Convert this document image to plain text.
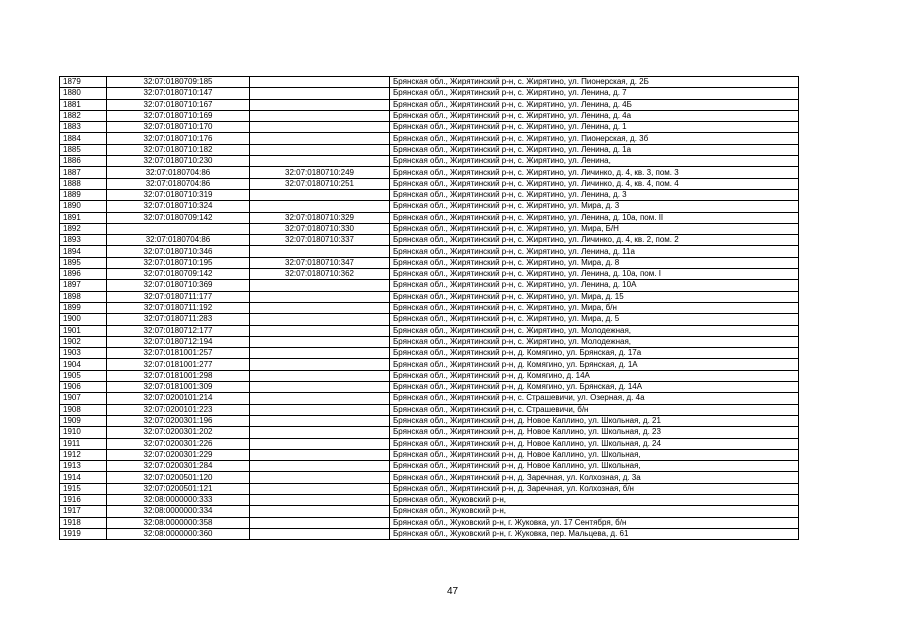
1879	32:07:0180709:185		Брянская обл., Жирятинский р-н, с. Жирятино, ул. Пионерская, д. 2Б
1880	32:07:0180710:147		Брянская обл., Жирятинский р-н, с. Жирятино, ул. Ленина, д. 7
1881	32:07:0180710:167		Брянская обл., Жирятинский р-н, с. Жирятино, ул. Ленина, д. 4Б
1882	32:07:0180710:169		Брянская обл., Жирятинский р-н, с. Жирятино, ул. Ленина, д. 4а
1883	32:07:0180710:170		Брянская обл., Жирятинский р-н, с. Жирятино, ул. Ленина, д. 1
1884	32:07:0180710:176		Брянская обл., Жирятинский р-н, с. Жирятино, ул. Пионерская, д. 3б
1885	32:07:0180710:182		Брянская обл., Жирятинский р-н, с. Жирятино, ул. Ленина, д. 1а
1886	32:07:0180710:230		Брянская обл., Жирятинский р-н, с. Жирятино, ул. Ленина,
1887	32:07:0180704:86	32:07:0180710:249	Брянская обл., Жирятинский р-н, с. Жирятино, ул. Личинко, д. 4, кв. 3, пом. 3
1888	32:07:0180704:86	32:07:0180710:251	Брянская обл., Жирятинский р-н, с. Жирятино, ул. Личинко, д. 4, кв. 4, пом. 4
1889	32:07:0180710:319		Брянская обл., Жирятинский р-н, с. Жирятино, ул. Ленина, д. 3
1890	32:07:0180710:324		Брянская обл., Жирятинский р-н, с. Жирятино, ул. Мира, д. 3
1891	32:07:0180709:142	32:07:0180710:329	Брянская обл., Жирятинский р-н, с. Жирятино, ул. Ленина, д. 10а, пом. II
1892		32:07:0180710:330	Брянская обл., Жирятинский р-н, с. Жирятино, ул. Мира, Б/Н
1893	32:07:0180704:86	32:07:0180710:337	Брянская обл., Жирятинский р-н, с. Жирятино, ул. Личинко, д. 4, кв. 2, пом. 2
1894	32:07:0180710:346		Брянская обл., Жирятинский р-н, с. Жирятино, ул. Ленина, д. 11а
1895	32:07:0180710:195	32:07:0180710:347	Брянская обл., Жирятинский р-н, с. Жирятино, ул. Мира, д. 8
1896	32:07:0180709:142	32:07:0180710:362	Брянская обл., Жирятинский р-н, с. Жирятино, ул. Ленина, д. 10а, пом. I
1897	32:07:0180710:369		Брянская обл., Жирятинский р-н, с. Жирятино, ул. Ленина, д. 10А
1898	32:07:0180711:177		Брянская обл., Жирятинский р-н, с. Жирятино, ул. Мира, д. 15
1899	32:07:0180711:192		Брянская обл., Жирятинский р-н, с. Жирятино, ул. Мира, б/н
1900	32:07:0180711:283		Брянская обл., Жирятинский р-н, с. Жирятино, ул. Мира, д. 5
1901	32:07:0180712:177		Брянская обл., Жирятинский р-н, с. Жирятино, ул. Молодежная,
1902	32:07:0180712:194		Брянская обл., Жирятинский р-н, с. Жирятино, ул. Молодежная,
1903	32:07:0181001:257		Брянская обл., Жирятинский р-н, д. Комягино, ул. Брянская, д. 17а
1904	32:07:0181001:277		Брянская обл., Жирятинский р-н, д. Комягино, ул. Брянская, д. 1А
1905	32:07:0181001:298		Брянская обл., Жирятинский р-н, д. Комягино, д. 14А
1906	32:07:0181001:309		Брянская обл., Жирятинский р-н, д. Комягино, ул. Брянская, д. 14А
1907	32:07:0200101:214		Брянская обл., Жирятинский р-н, с. Страшевичи, ул. Озерная, д. 4а
1908	32:07:0200101:223		Брянская обл., Жирятинский р-н, с. Страшевичи, б/н
1909	32:07:0200301:196		Брянская обл., Жирятинский р-н, д. Новое Каплино, ул. Школьная, д. 21
1910	32:07:0200301:202		Брянская обл., Жирятинский р-н, д. Новое Каплино, ул. Школьная, д. 23
1911	32:07:0200301:226		Брянская обл., Жирятинский р-н, д. Новое Каплино, ул. Школьная, д. 24
1912	32:07:0200301:229		Брянская обл., Жирятинский р-н, д. Новое Каплино, ул. Школьная,
1913	32:07:0200301:284		Брянская обл., Жирятинский р-н, д. Новое Каплино, ул. Школьная,
1914	32:07:0200501:120		Брянская обл., Жирятинский р-н, д. Заречная, ул. Колхозная, д. 3а
1915	32:07:0200501:121		Брянская обл., Жирятинский р-н, д. Заречная, ул. Колхозная, б/н
1916	32:08:0000000:333		Брянская обл., Жуковский р-н,
1917	32:08:0000000:334		Брянская обл., Жуковский р-н,
1918	32:08:0000000:358		Брянская обл., Жуковский р-н, г. Жуковка, ул. 17 Сентября, б/н
1919	32:08:0000000:360		Брянская обл., Жуковский р-н, г. Жуковка, пер. Мальцева, д. 61
47
